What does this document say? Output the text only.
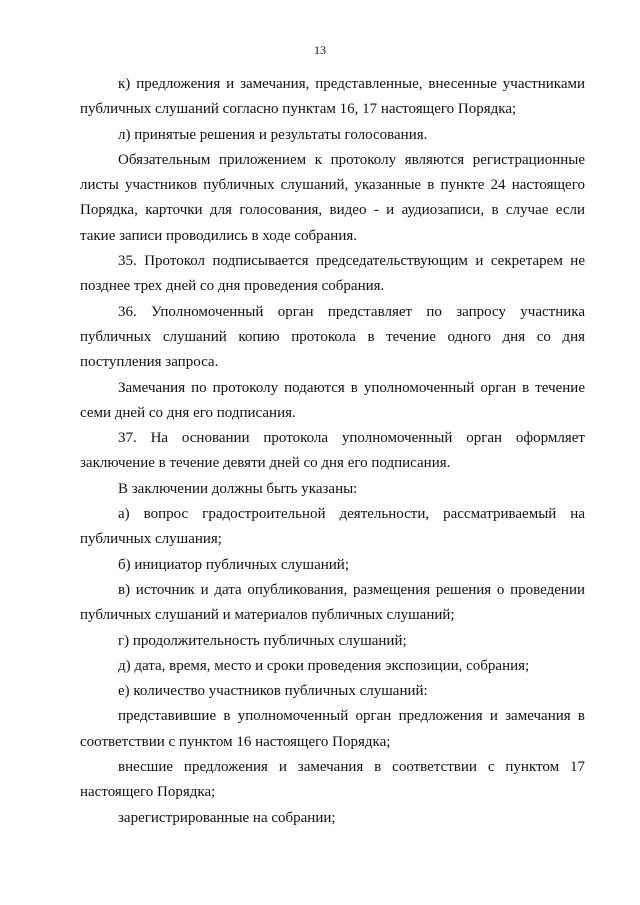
13

к) предложения и замечания, представленные, внесенные участниками публичных слушаний согласно пунктам 16, 17 настоящего Порядка;

л) принятые решения и результаты голосования.

Обязательным приложением к протоколу являются регистрационные листы участников публичных слушаний, указанные в пункте 24 настоящего Порядка, карточки для голосования, видео - и аудиозаписи, в случае если такие записи проводились в ходе собрания.

35. Протокол подписывается председательствующим и секретарем не позднее трех дней со дня проведения собрания.

36. Уполномоченный орган представляет по запросу участника публичных слушаний копию протокола в течение одного дня со дня поступления запроса.

Замечания по протоколу подаются в уполномоченный орган в течение семи дней со дня его подписания.

37. На основании протокола уполномоченный орган оформляет заключение в течение девяти дней со дня его подписания.

В заключении должны быть указаны:

а) вопрос градостроительной деятельности, рассматриваемый на публичных слушания;

б) инициатор публичных слушаний;

в) источник и дата опубликования, размещения решения о проведении публичных слушаний и материалов публичных слушаний;

г) продолжительность публичных слушаний;

д) дата, время, место и сроки проведения экспозиции, собрания;

е) количество участников публичных слушаний:

представившие в уполномоченный орган предложения и замечания в соответствии с пунктом 16 настоящего Порядка;

внесшие предложения и замечания в соответствии с пунктом 17 настоящего Порядка;

зарегистрированные на собрании;
